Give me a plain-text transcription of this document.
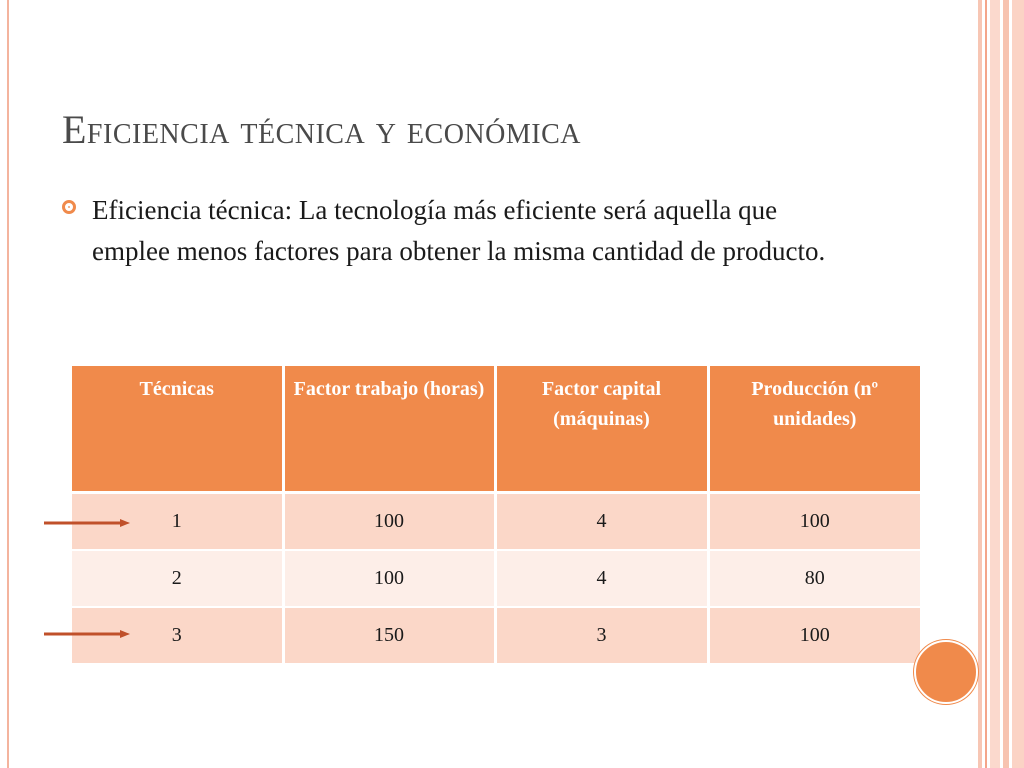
Eficiencia técnica y económica
Eficiencia técnica: La tecnología más eficiente será aquella que emplee menos factores para obtener la misma cantidad de producto.
Técnicas	Factor trabajo (horas)	Factor capital (máquinas)	Producción (nº unidades)
1	100	4	100
2	100	4	80
3	150	3	100
